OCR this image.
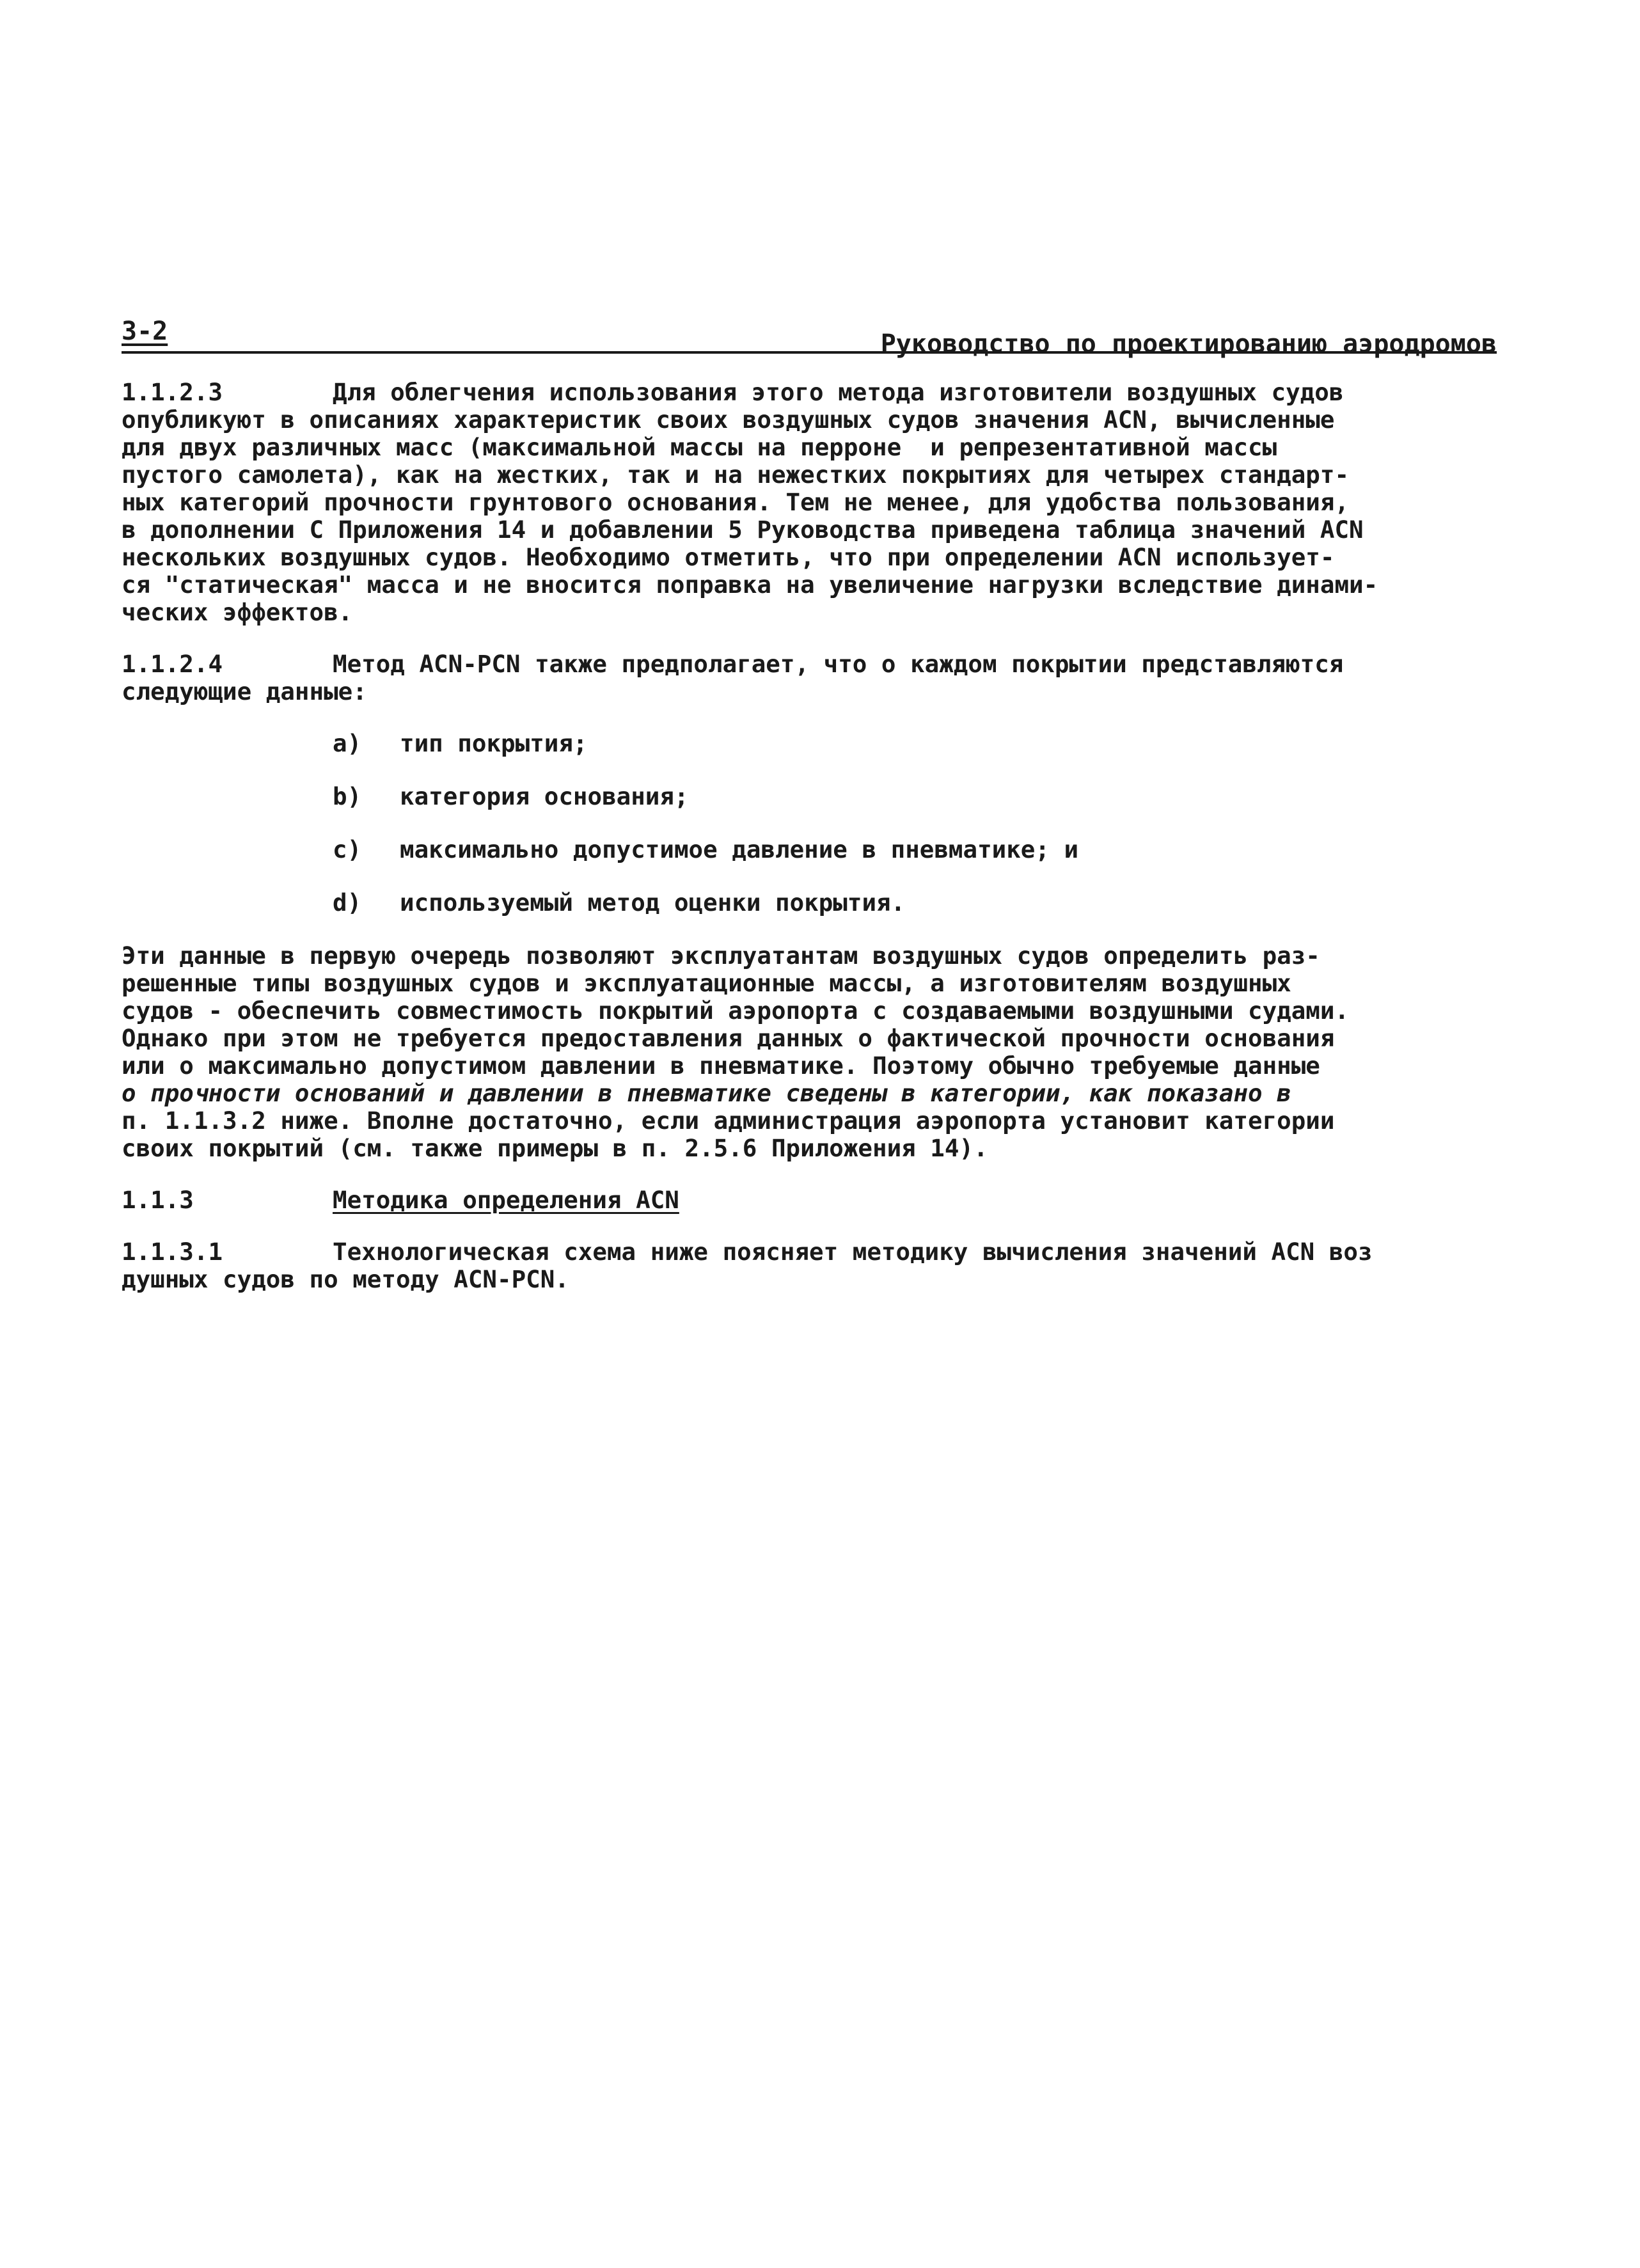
3-2	Руководство по проектированию аэродромов

1.1.2.3	Для облегчения использования этого метода изготовители воздушных судов

опубликуют в описаниях характеристик своих воздушных судов значения ACN, вычисленные

для двух различных масс (максимальной массы на перроне  и репрезентативной массы

пустого самолета), как на жестких, так и на нежестких покрытиях для четырех стандарт-

ных категорий прочности грунтового основания. Тем не менее, для удобства пользования,

в дополнении C Приложения 14 и добавлении 5 Руководства приведена таблица значений ACN

нескольких воздушных судов. Необходимо отметить, что при определении ACN использует-

ся "статическая" масса и не вносится поправка на увеличение нагрузки вследствие динами-

ческих эффектов.

1.1.2.4	Метод ACN-PCN также предполагает, что о каждом покрытии представляются

следующие данные:

a) тип покрытия;
b) категория основания;
c) максимально допустимое давление в пневматике; и
d) используемый метод оценки покрытия.

Эти данные в первую очередь позволяют эксплуатантам воздушных судов определить раз-

решенные типы воздушных судов и эксплуатационные массы, а изготовителям воздушных

судов - обеспечить совместимость покрытий аэропорта с создаваемыми воздушными судами.

Однако при этом не требуется предоставления данных о фактической прочности основания

или о максимально допустимом давлении в пневматике. Поэтому обычно требуемые данные

о прочности оснований и давлении в пневматике сведены в категории, как показано в

п. 1.1.3.2 ниже. Вполне достаточно, если администрация аэропорта установит категории

своих покрытий (см. также примеры в п. 2.5.6 Приложения 14).

1.1.3	Методика определения ACN

1.1.3.1	Технологическая схема ниже поясняет методику вычисления значений ACN воз

душных судов по методу ACN-PCN.
